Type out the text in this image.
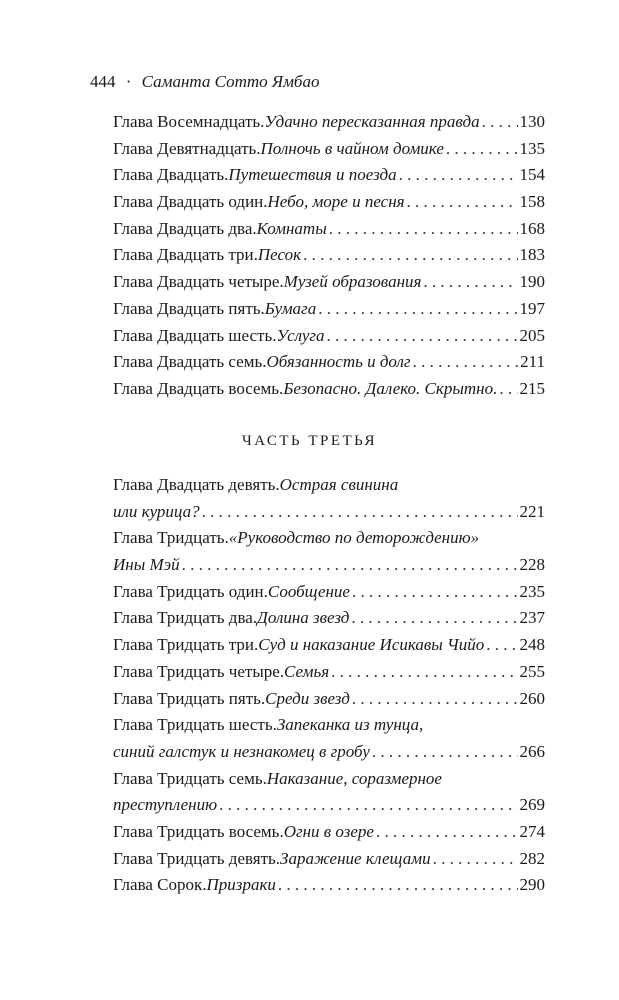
444 · Саманта Сотто Ямбао
Глава Восемнадцать. Удачно пересказанная правда . . . 130
Глава Девятнадцать. Полночь в чайном домике . . .	135
Глава Двадцать. Путешествия и поезда . . .	154
Глава Двадцать один. Небо, море и песня . . .	158
Глава Двадцать два. Комнаты . . .	168
Глава Двадцать три. Песок . . .	183
Глава Двадцать четыре. Музей образования . . .	190
Глава Двадцать пять. Бумага . . .	197
Глава Двадцать шесть. Услуга . . .	205
Глава Двадцать семь. Обязанность и долг . . .	211
Глава Двадцать восемь. Безопасно. Далеко. Скрытно. . . . 215
ЧАСТЬ ТРЕТЬЯ
Глава Двадцать девять. Острая свинина
или курица? . . .	221
Глава Тридцать. «Руководство по деторождению»
Ины Мэй . . .	228
Глава Тридцать один. Сообщение . . .	235
Глава Тридцать два. Долина звезд . . .	237
Глава Тридцать три. Суд и наказание Исикавы Чийо . . . 248
Глава Тридцать четыре. Семья . . .	255
Глава Тридцать пять. Среди звезд . . .	260
Глава Тридцать шесть. Запеканка из тунца,
синий галстук и незнакомец в гробу . . .	266
Глава Тридцать семь. Наказание, соразмерное
преступлению . . .	269
Глава Тридцать восемь. Огни в озере . . .	274
Глава Тридцать девять. Заражение клещами . . .	282
Глава Сорок. Призраки . . .	290
